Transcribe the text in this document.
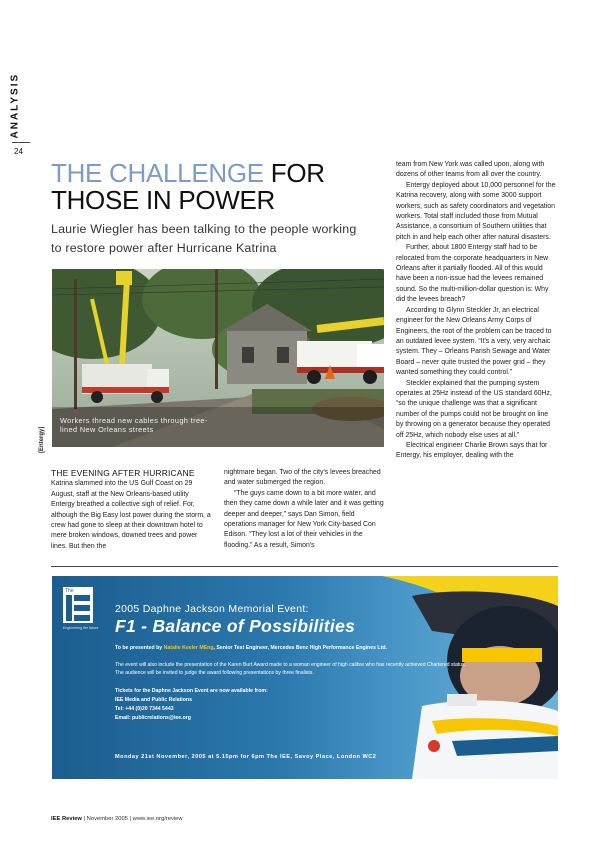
ANALYSIS
24
THE CHALLENGE FOR
THOSE IN POWER
Laurie Wiegler has been talking to the people working to restore power after Hurricane Katrina
Workers thread new cables through tree-lined New Orleans streets
[Entergy]
THE EVENING AFTER HURRICANE

Katrina slammed into the US Gulf Coast on 29 August, staff at the New Orleans-based utility Entergy breathed a collective sigh of relief. For, although the Big Easy lost power during the storm, a crew had gone to sleep at their downtown hotel to mere broken windows, downed trees and power lines. But then the

nightmare began. Two of the city's levees breached and water submerged the region.

“The guys came down to a bit more water, and then they came down a while later and it was getting deeper and deeper,” says Dan Simon, field operations manager for New York City-based Con Edison. “They lost a lot of their vehicles in the flooding.” As a result, Simon's

team from New York was called upon, along with dozens of other teams from all over the country.

Entergy deployed about 10,000 personnel for the Katrina recovery, along with some 3000 support workers, such as safety coordinators and vegetation workers. Total staff included those from Mutual Assistance, a consortium of Southern utilities that pitch in and help each other after natural disasters.

Further, about 1800 Entergy staff had to be relocated from the corporate headquarters in New Orleans after it partially flooded. All of this would have been a non-issue had the levees remained sound. So the multi-million-dollar question is: Why did the levees breach?

According to Glynn Steckler Jr, an electrical engineer for the New Orleans Army Corps of Engineers, the root of the problem can be traced to an outdated levee system. “It's a very, very archaic system. They – Orleans Parish Sewage and Water Board – never quite trusted the power grid – they wanted something they could control.”

Steckler explained that the pumping system operates at 25Hz instead of the US standard 60Hz, “so the unique challenge was that a significant number of the pumps could not be brought on line by throwing on a generator because they operated off 25Hz, which nobody else uses at all.”

Electrical engineer Charlie Brown says that for Entergy, his employer, dealing with the

The
Engineering the future
2005 Daphne Jackson Memorial Event:
F1 - Balance of Possibilities
To be presented by Natalie Keeler MEng, Senior Test Engineer, Mercedes Benz High Performance Engines Ltd.
The event will also include the presentation of the Karen Burt Award made to a woman engineer of high calibre who has recently achieved Chartered status. The audience will be invited to judge the award following presentations by three finalists.
Tickets for the Daphne Jackson Event are now available from:
IEE Media and Public Relations
Tel: +44 (0)20 7344 5443
Email: publicrelations@iee.org
Monday 21st November, 2005 at 5.15pm for 6pm The IEE, Savoy Place, London WC2
IEE Review | November 2005 | www.iee.org/review
